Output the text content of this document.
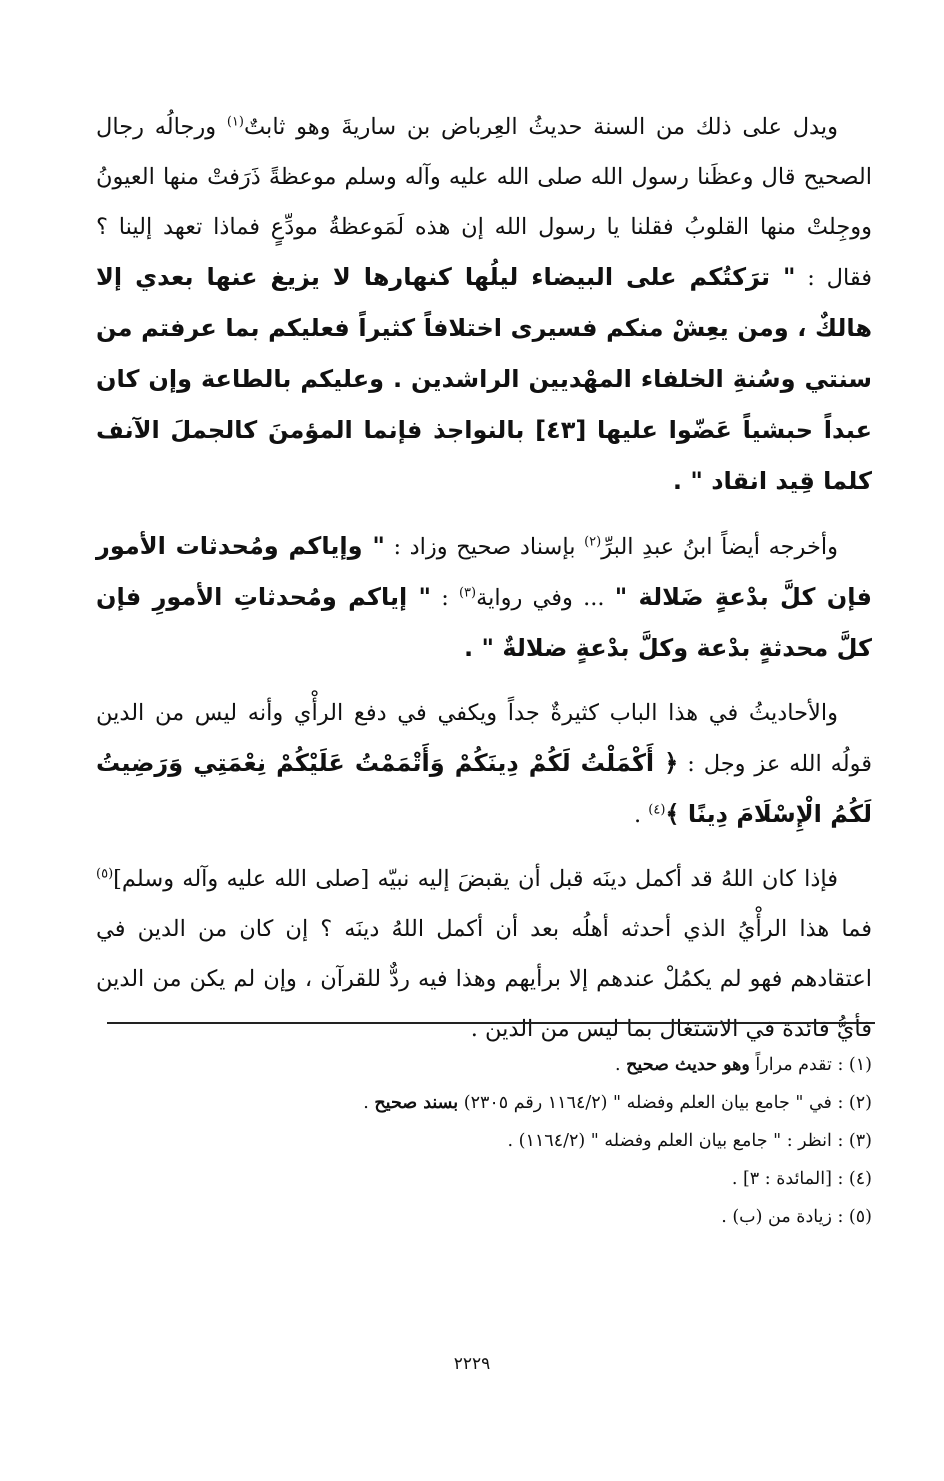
ويدل على ذلك من السنة حديثُ العِرباض بن ساريةَ وهو ثابتٌ$^{(١)}$ ورجالُه رجال الصحيح قال وعظَنا رسول الله صلى الله عليه وآله وسلم موعظةً ذَرَفتْ منها العيونُ ووجِلتْ منها القلوبُ فقلنا يا رسول الله إن هذه لَمَوعظةُ مودِّعٍ فماذا تعهد إلينا ؟ فقال : " ترَكتُكم على البيضاء ليلُها كنهارها لا يزيغ عنها بعدي إلا هالكٌ ، ومن يعِشْ منكم فسيرى اختلافاً كثيراً فعليكم بما عرفتم من سنتي وسُنةِ الخلفاء المهْديين الراشدين . وعليكم بالطاعة وإن كان عبداً حبشياً عَضّوا عليها [٤٣] بالنواجذ فإنما المؤمنَ كالجملَ الآنف كلما قِيد انقاد " .

وأخرجه أيضاً ابنُ عبدِ البرِّ$^{(٢)}$ بإسناد صحيح وزاد : " وإياكم ومُحدثات الأمور فإن كلَّ بدْعةٍ ضَلالة " ... وفي رواية$^{(٣)}$ : " إياكم ومُحدثاتِ الأمورِ فإن كلَّ محدثةٍ بدْعة وكلَّ بدْعةٍ ضلالةٌ " .

والأحاديثُ في هذا الباب كثيرةٌ جداً ويكفي في دفع الرأْي وأنه ليس من الدين قولُه الله عز وجل : ﴿ أَكْمَلْتُ لَكُمْ دِينَكُمْ وَأَتْمَمْتُ عَلَيْكُمْ نِعْمَتِي وَرَضِيتُ لَكُمُ الْإِسْلَامَ دِينًا ﴾$^{(٤)}$ .

فإذا كان اللهُ قد أكمل دينَه قبل أن يقبضَ إليه نبيّه [صلى الله عليه وآله وسلم]$^{(٥)}$ فما هذا الرأْيُ الذي أحدثه أهلُه بعد أن أكمل اللهُ دينَه ؟ إن كان من الدين في اعتقادهم فهو لم يكمُلْ عندهم إلا برأيهم وهذا فيه ردٌّ للقرآن ، وإن لم يكن من الدين فأيُّ فائدة في الاشتغال بما ليس من الدين .

(١) : تقدم مراراً وهو حديث صحيح .

(٢) : في " جامع بيان العلم وفضله " (١١٦٤/٢ رقم ٢٣٠٥) بسند صحيح .

(٣) : انظر : " جامع بيان العلم وفضله " (١١٦٤/٢) .

(٤) : [المائدة : ٣] .

(٥) : زيادة من (ب) .

٢٢٢٩
